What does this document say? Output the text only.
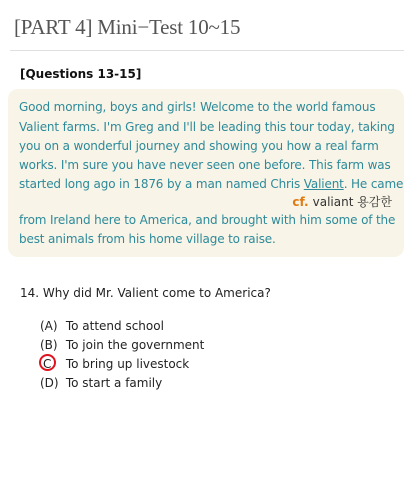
[PART 4] Mini−Test 10~15
[Questions 13-15]
Good morning, boys and girls! Welcome to the world famous
Valient farms. I'm Greg and I'll be leading this tour today, taking
you on a wonderful journey and showing you how a real farm
works. I'm sure you have never seen one before. This farm was
started long ago in 1876 by a man named Chris Valient. He came
cf. valiant 용감한
from Ireland here to America, and brought with him some of the
best animals from his home village to raise.
14. Why did Mr. Valient come to America?
(A)
To attend school
(B)
To join the government
C
	To bring up livestock
(D)
To start a family
